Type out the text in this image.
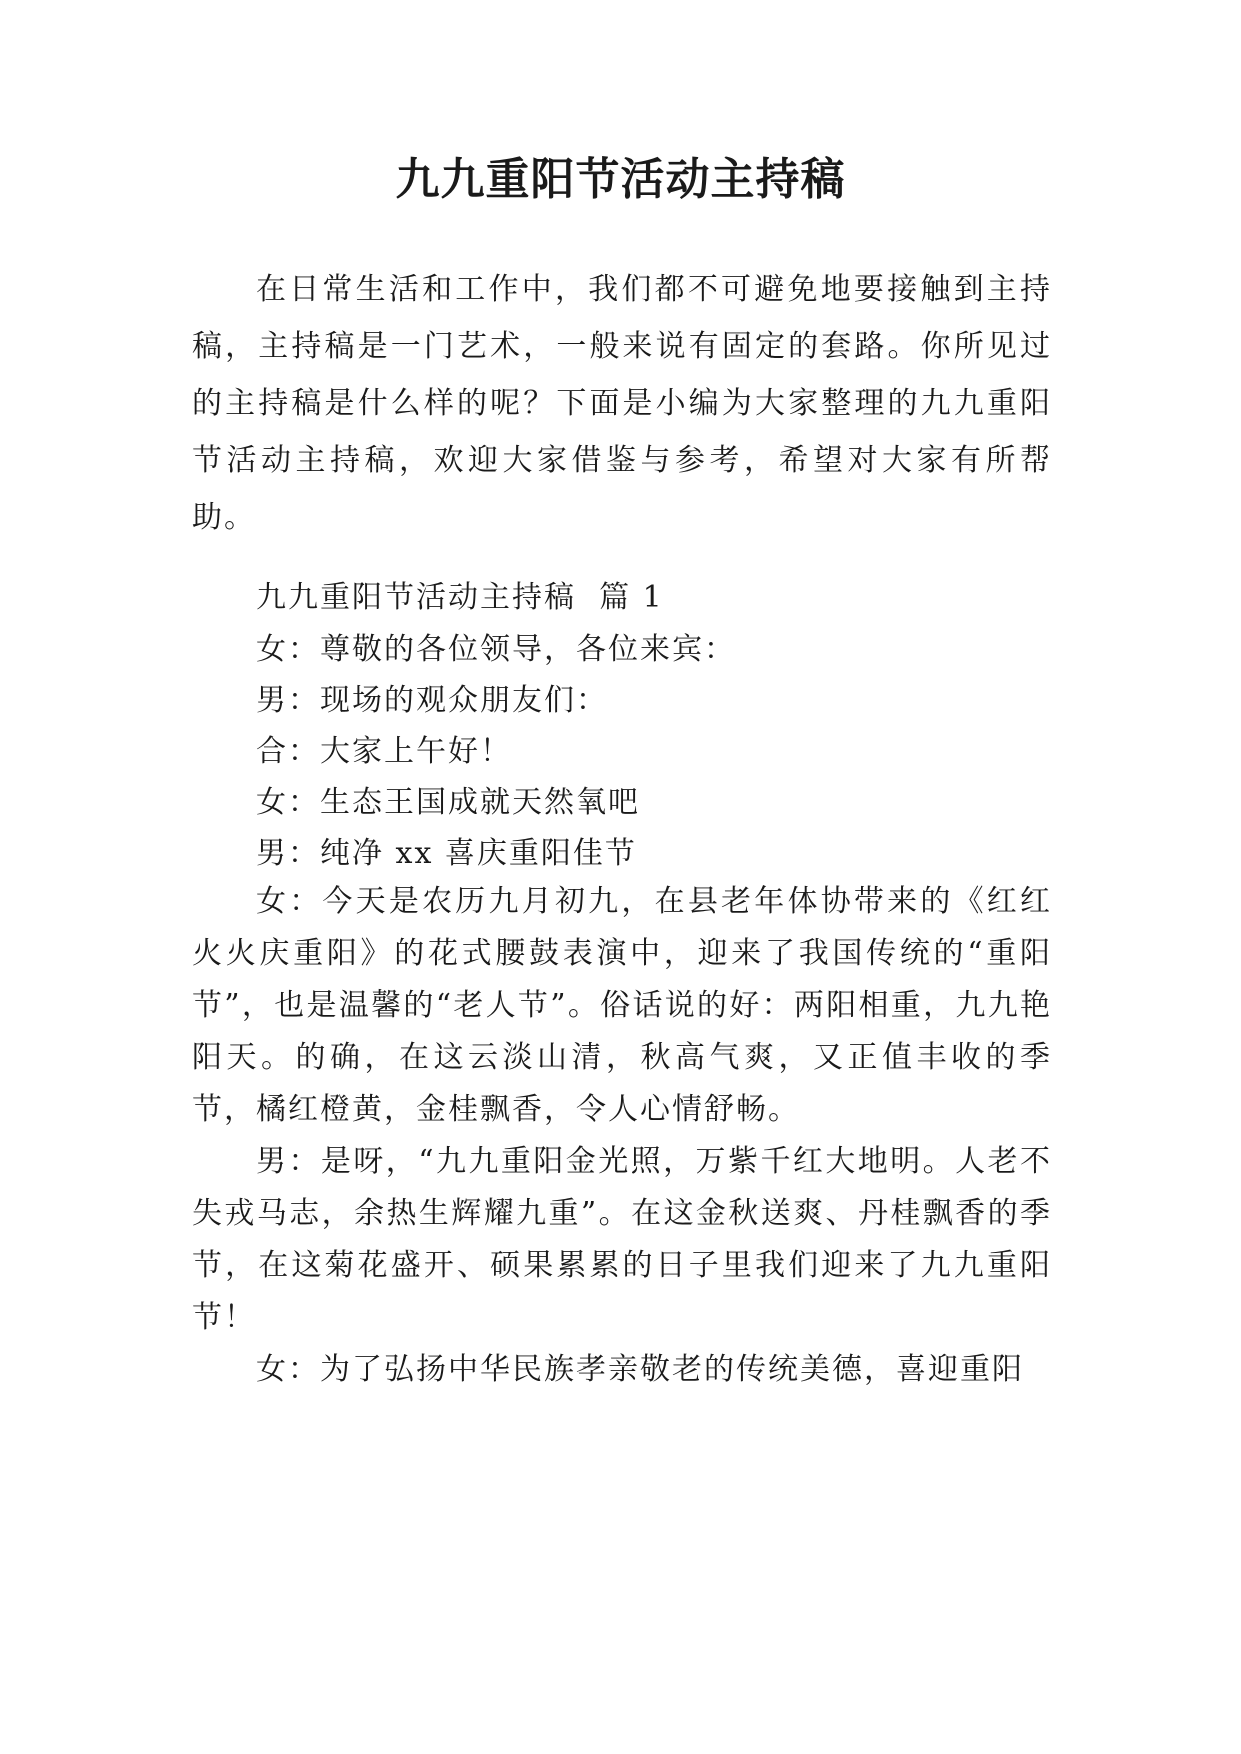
九九重阳节活动主持稿

在日常生活和工作中，我们都不可避免地要接触到主持稿，主持稿是一门艺术，一般来说有固定的套路。你所见过的主持稿是什么样的呢？下面是小编为大家整理的九九重阳节活动主持稿，欢迎大家借鉴与参考，希望对大家有所帮助。

九九重阳节活动主持稿  篇 1

女：尊敬的各位领导，各位来宾：

男：现场的观众朋友们：

合：大家上午好！

女：生态王国成就天然氧吧

男：纯净 xx 喜庆重阳佳节

女：今天是农历九月初九，在县老年体协带来的《红红火火庆重阳》的花式腰鼓表演中，迎来了我国传统的“重阳节”，也是温馨的“老人节”。俗话说的好：两阳相重，九九艳阳天。的确，在这云淡山清，秋高气爽，又正值丰收的季节，橘红橙黄，金桂飘香，令人心情舒畅。

男：是呀，“九九重阳金光照，万紫千红大地明。人老不失戎马志，余热生辉耀九重”。在这金秋送爽、丹桂飘香的季节，在这菊花盛开、硕果累累的日子里我们迎来了九九重阳节！

女：为了弘扬中华民族孝亲敬老的传统美德，喜迎重阳
